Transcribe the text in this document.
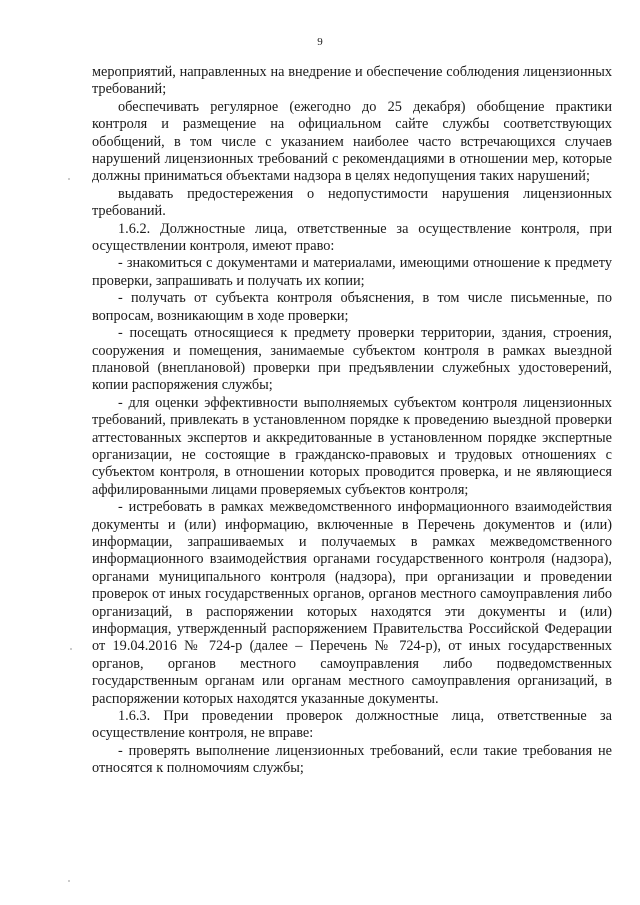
9

мероприятий, направленных на внедрение и обеспечение соблюдения лицензионных требований;

обеспечивать регулярное (ежегодно до 25 декабря) обобщение практики контроля и размещение на официальном сайте службы соответствующих обобщений, в том числе с указанием наиболее часто встречающихся случаев нарушений лицензионных требований с рекомендациями в отношении мер, которые должны приниматься объектами надзора в целях недопущения таких нарушений;

выдавать предостережения о недопустимости нарушения лицензионных требований.

1.6.2. Должностные лица, ответственные за осуществление контроля, при осуществлении контроля, имеют право:

- знакомиться с документами и материалами, имеющими отношение к предмету проверки, запрашивать и получать их копии;

- получать от субъекта контроля объяснения, в том числе письменные, по вопросам, возникающим в ходе проверки;

- посещать относящиеся к предмету проверки территории, здания, строения, сооружения и помещения, занимаемые субъектом контроля в рамках выездной плановой (внеплановой) проверки при предъявлении служебных удостоверений, копии распоряжения службы;

- для оценки эффективности выполняемых субъектом контроля лицензионных требований, привлекать в установленном порядке к проведению выездной проверки аттестованных экспертов и аккредитованные в установленном порядке экспертные организации, не состоящие в гражданско-правовых и трудовых отношениях с субъектом контроля, в отношении которых проводится проверка, и не являющиеся аффилированными лицами проверяемых субъектов контроля;

- истребовать в рамках межведомственного информационного взаимодействия документы и (или) информацию, включенные в Перечень документов и (или) информации, запрашиваемых и получаемых в рамках межведомственного информационного взаимодействия органами государственного контроля (надзора), органами муниципального контроля (надзора), при организации и проведении проверок от иных государственных органов, органов местного самоуправления либо организаций, в распоряжении которых находятся эти документы и (или) информация, утвержденный распоряжением Правительства Российской Федерации от 19.04.2016 № 724-р (далее – Перечень № 724-р), от иных государственных органов, органов местного самоуправления либо подведомственных государственным органам или органам местного самоуправления организаций, в распоряжении которых находятся указанные документы.

1.6.3. При проведении проверок должностные лица, ответственные за осуществление контроля, не вправе:

- проверять выполнение лицензионных требований, если такие требования не относятся к полномочиям службы;
